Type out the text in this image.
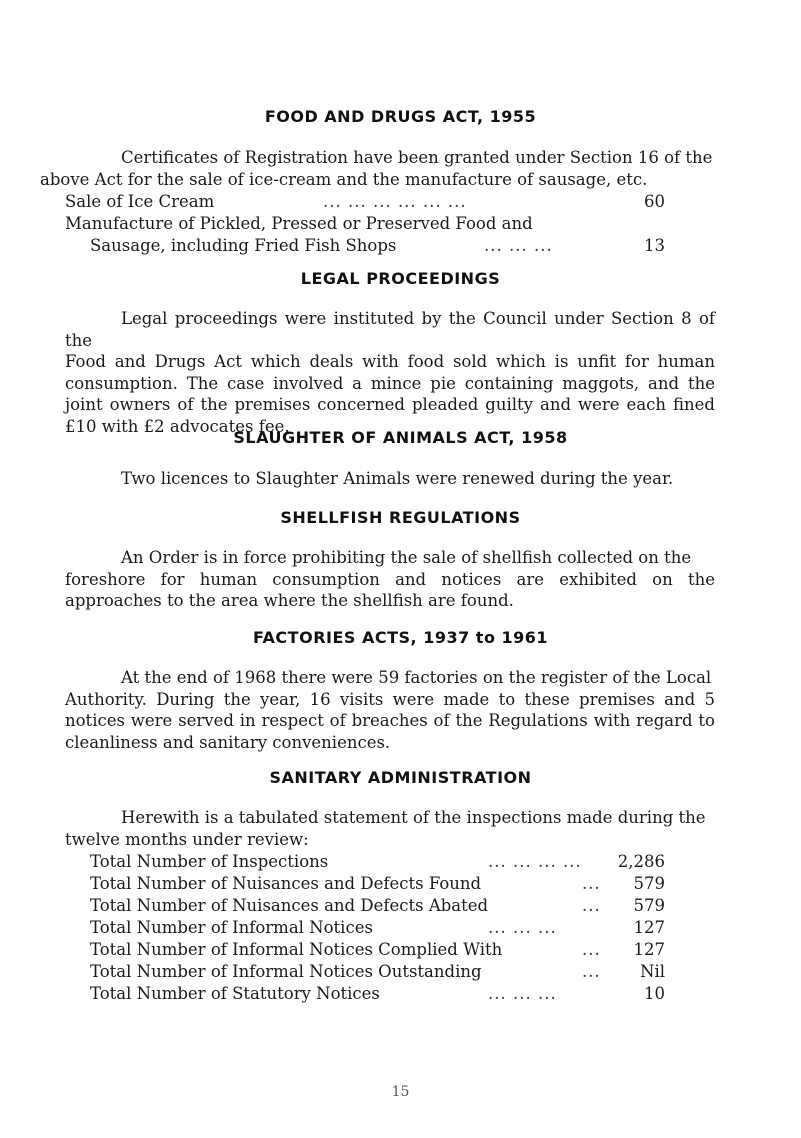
FOOD AND DRUGS ACT, 1955
Certificates of Registration have been granted under Section 16 of the
above Act for the sale of ice-cream and the manufacture of sausage, etc.
Sale of Ice Cream	... ... ... ... ... ...	60
Manufacture of Pickled, Pressed or Preserved Food and
Sausage, including Fried Fish Shops	... ... ...	13
LEGAL PROCEEDINGS
Legal proceedings were instituted by the Council under Section 8 of the
Food and Drugs Act which deals with food sold which is unfit for human consumption. The case involved a mince pie containing maggots, and the joint owners of the premises concerned pleaded guilty and were each fined £10 with £2 advocates fee.
SLAUGHTER OF ANIMALS ACT, 1958
Two licences to Slaughter Animals were renewed during the year.
SHELLFISH REGULATIONS
An Order is in force prohibiting the sale of shellfish collected on the
foreshore for human consumption and notices are exhibited on the approaches to the area where the shellfish are found.
FACTORIES ACTS, 1937 to 1961
At the end of 1968 there were 59 factories on the register of the Local
Authority. During the year, 16 visits were made to these premises and 5 notices were served in respect of breaches of the Regulations with regard to cleanliness and sanitary conveniences.
SANITARY ADMINISTRATION
Herewith is a tabulated statement of the inspections made during the
twelve months under review:
Total Number of Inspections	... ... ... ... 2,286
Total Number of Nuisances and Defects Found	... 579
Total Number of Nuisances and Defects Abated	... 579
Total Number of Informal Notices	... ... ...	127
Total Number of Informal Notices Complied With	... 127
Total Number of Informal Notices Outstanding	... Nil
Total Number of Statutory Notices	... ... ...	10
15
